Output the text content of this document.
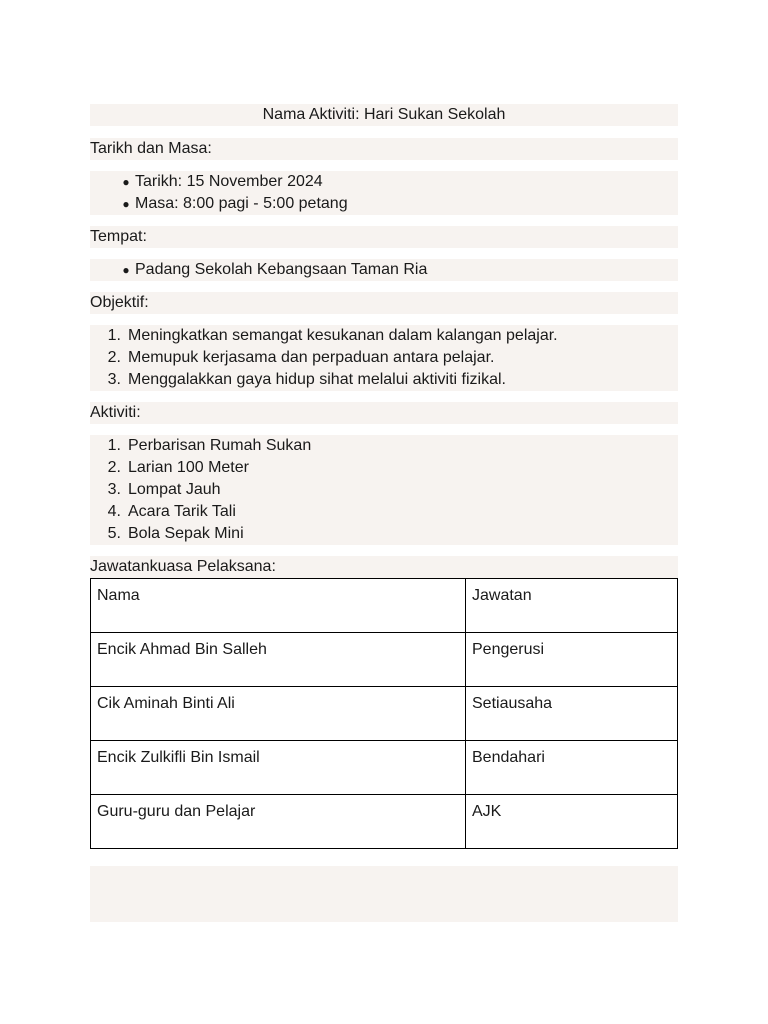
Nama Aktiviti: Hari Sukan Sekolah
Tarikh dan Masa:
● Tarikh: 15 November 2024
● Masa: 8:00 pagi - 5:00 petang
Tempat:
● Padang Sekolah Kebangsaan Taman Ria
Objektif:
1. Meningkatkan semangat kesukanan dalam kalangan pelajar.
2. Memupuk kerjasama dan perpaduan antara pelajar.
3. Menggalakkan gaya hidup sihat melalui aktiviti fizikal.
Aktiviti:
1. Perbarisan Rumah Sukan
2. Larian 100 Meter
3. Lompat Jauh
4. Acara Tarik Tali
5. Bola Sepak Mini
Jawatankuasa Pelaksana:
Nama	Jawatan
Encik Ahmad Bin Salleh	Pengerusi
Cik Aminah Binti Ali	Setiausaha
Encik Zulkifli Bin Ismail	Bendahari
Guru-guru dan Pelajar	AJK
